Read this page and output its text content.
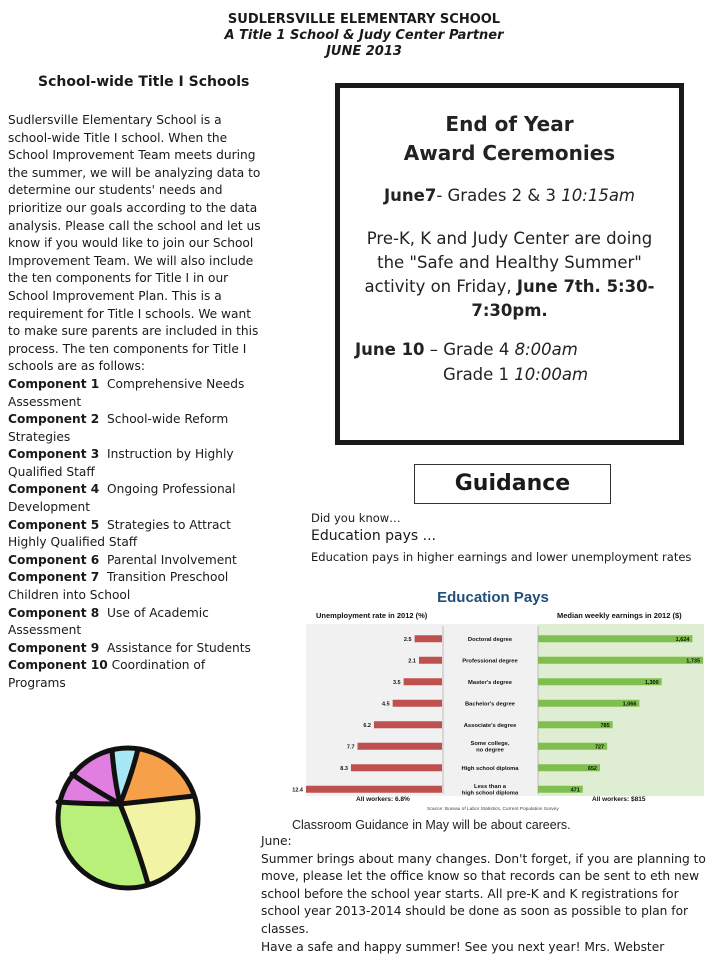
SUDLERSVILLE ELEMENTARY SCHOOL
A Title 1 School & Judy Center Partner
JUNE 2013
School-wide Title I Schools
Sudlersville Elementary School is a school-wide Title I school. When the School Improvement Team meets during the summer, we will be analyzing data to determine our students' needs and prioritize our goals according to the data analysis. Please call the school and let us know if you would like to join our School Improvement Team. We will also include the ten components for Title I in our School Improvement Plan. This is a requirement for Title I schools. We want to make sure parents are included in this process. The ten components for Title I schools are as follows:
Component 1 Comprehensive Needs Assessment
Component 2 School-wide Reform Strategies
Component 3 Instruction by Highly Qualified Staff
Component 4 Ongoing Professional Development
Component 5 Strategies to Attract Highly Qualified Staff
Component 6 Parental Involvement
Component 7 Transition Preschool Children into School
Component 8 Use of Academic Assessment
Component 9 Assistance for Students
Component 10 Coordination of Programs
End of Year
Award Ceremonies
June7- Grades 2 & 3 10:15am
Pre-K, K and Judy Center are doing the "Safe and Healthy Summer" activity on Friday, June 7th. 5:30-7:30pm.
June 10 – Grade 4 8:00am
Grade 1 10:00am
Guidance
Did you know…
Education pays ...
Education pays in higher earnings and lower unemployment rates
Education Pays
Unemployment rate in 2012 (%)	Median weekly earnings in 2012 ($)
2.5	1,624
Doctoral degree
2.1	1,735
Professional degree
3.5	1,300
Master's degree
4.5	1,066
Bachelor's degree
6.2	785
Associate's degree
7.7	727
Some college,
no degree
8.3	652
High school diploma
12.4	471
Less than a
high school diploma
All workers: 6.8%	All workers: $815
Source: Bureau of Labor Statistics, Current Population Survey
Classroom Guidance in May will be about careers.
June:
Summer brings about many changes. Don't forget, if you are planning to move, please let the office know so that records can be sent to eth new school before the school year starts. All pre-K and K registrations for school year 2013-2014 should be done as soon as possible to plan for classes.
Have a safe and happy summer! See you next year! Mrs. Webster
